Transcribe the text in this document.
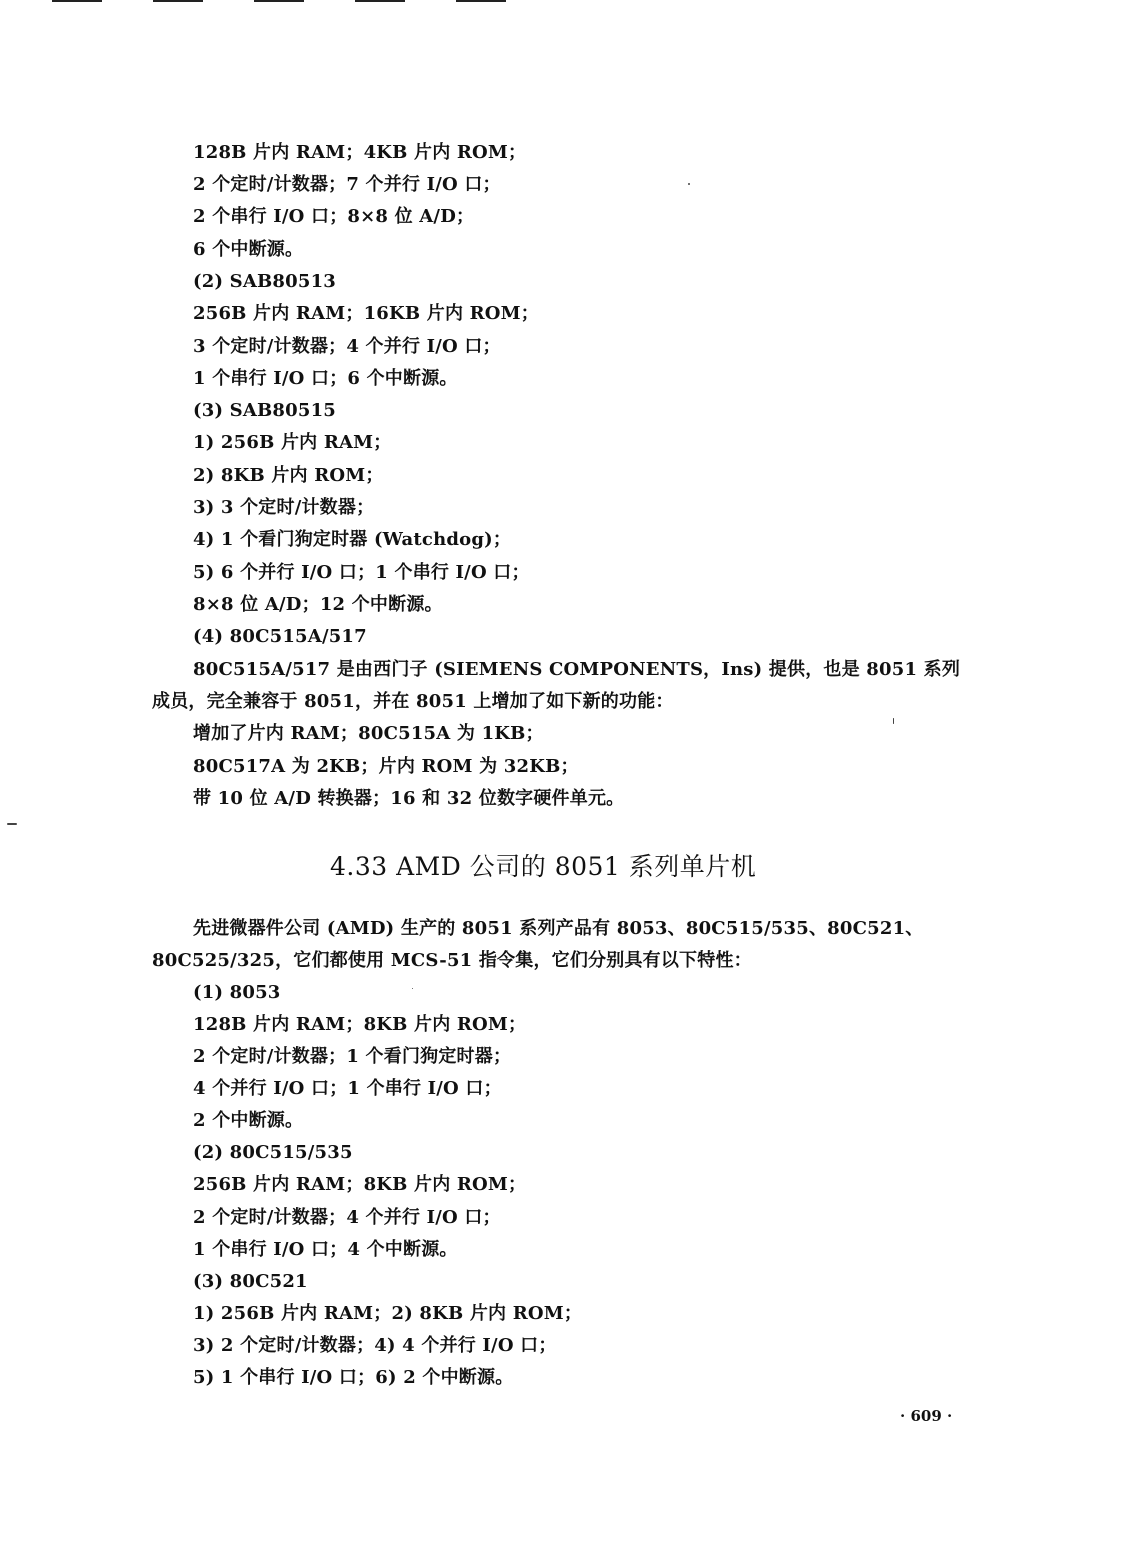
128B 片内 RAM；4KB 片内 ROM；
2 个定时/计数器；7 个并行 I/O 口；
2 个串行 I/O 口；8×8 位 A/D；
6 个中断源。
(2) SAB80513
256B 片内 RAM；16KB 片内 ROM；
3 个定时/计数器；4 个并行 I/O 口；
1 个串行 I/O 口；6 个中断源。
(3) SAB80515
1) 256B 片内 RAM；
2) 8KB 片内 ROM；
3) 3 个定时/计数器；
4) 1 个看门狗定时器 (Watchdog)；
5) 6 个并行 I/O 口；1 个串行 I/O 口；
8×8 位 A/D；12 个中断源。
(4) 80C515A/517
80C515A/517 是由西门子 (SIEMENS COMPONENTS，Ins) 提供，也是 8051 系列
成员，完全兼容于 8051，并在 8051 上增加了如下新的功能：
增加了片内 RAM；80C515A 为 1KB；
80C517A 为 2KB；片内 ROM 为 32KB；
带 10 位 A/D 转换器；16 和 32 位数字硬件单元。
4.33 AMD 公司的 8051 系列单片机
先进微器件公司 (AMD) 生产的 8051 系列产品有 8053、80C515/535、80C521、
80C525/325，它们都使用 MCS-51 指令集，它们分别具有以下特性：
(1) 8053
128B 片内 RAM；8KB 片内 ROM；
2 个定时/计数器；1 个看门狗定时器；
4 个并行 I/O 口；1 个串行 I/O 口；
2 个中断源。
(2) 80C515/535
256B 片内 RAM；8KB 片内 ROM；
2 个定时/计数器；4 个并行 I/O 口；
1 个串行 I/O 口；4 个中断源。
(3) 80C521
1) 256B 片内 RAM；2) 8KB 片内 ROM；
3) 2 个定时/计数器；4) 4 个并行 I/O 口；
5) 1 个串行 I/O 口；6) 2 个中断源。
· 609 ·
